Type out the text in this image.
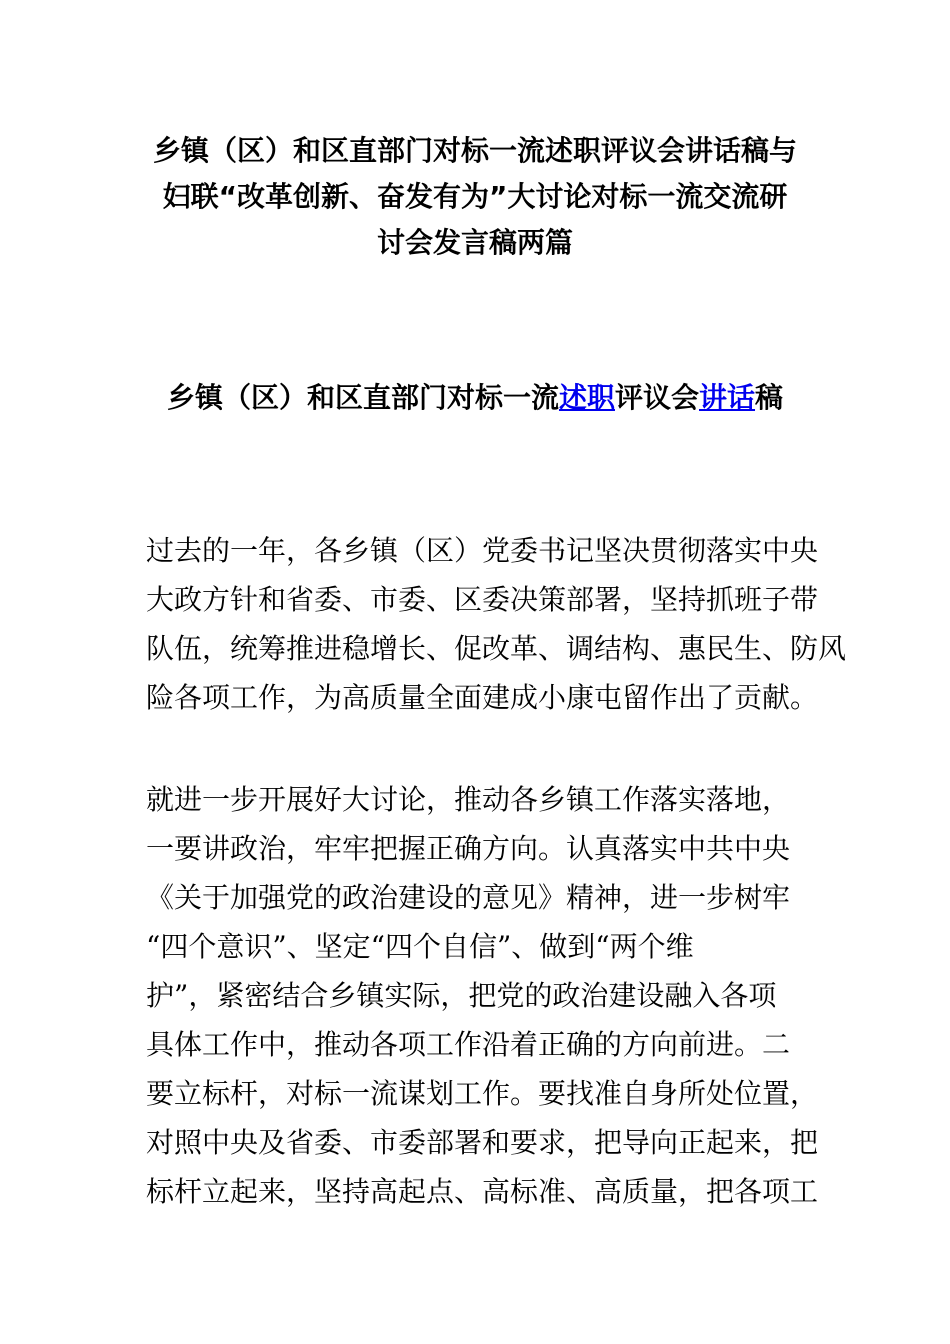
乡镇（区）和区直部门对标一流述职评议会讲话稿与
妇联“改革创新、奋发有为”大讨论对标一流交流研
讨会发言稿两篇
乡镇（区）和区直部门对标一流述职评议会讲话稿

过去的一年，各乡镇（区）党委书记坚决贯彻落实中央
大政方针和省委、市委、区委决策部署，坚持抓班子带
队伍，统筹推进稳增长、促改革、调结构、惠民生、防风
险各项工作，为高质量全面建成小康屯留作出了贡献。

就进一步开展好大讨论，推动各乡镇工作落实落地，
一要讲政治，牢牢把握正确方向。认真落实中共中央
《关于加强党的政治建设的意见》精神，进一步树牢
“四个意识”、坚定“四个自信”、做到“两个维
护”，紧密结合乡镇实际，把党的政治建设融入各项
具体工作中，推动各项工作沿着正确的方向前进。二
要立标杆，对标一流谋划工作。要找准自身所处位置，
对照中央及省委、市委部署和要求，把导向正起来，把
标杆立起来，坚持高起点、高标准、高质量，把各项工
